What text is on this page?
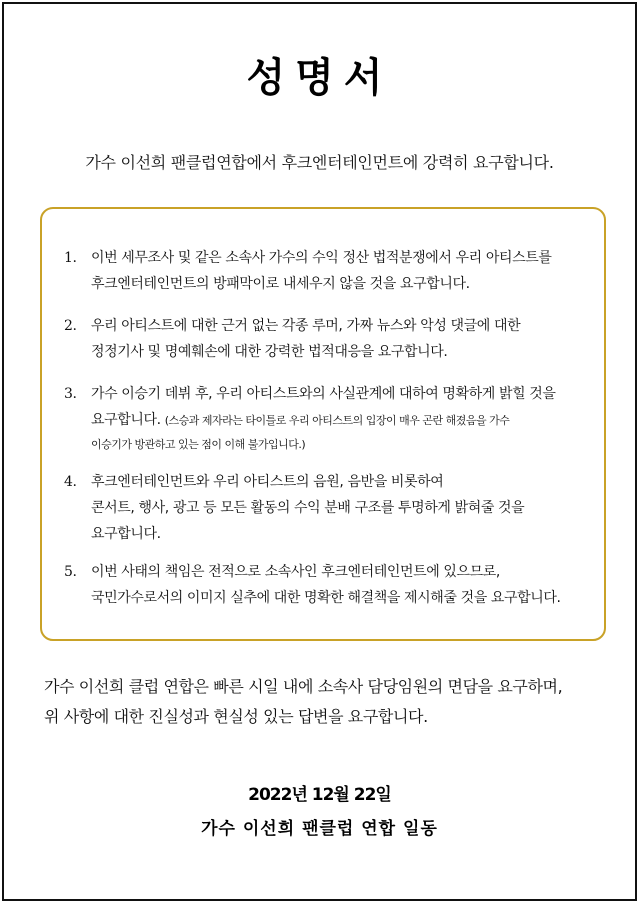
성명서
가수 이선희 팬클럽연합에서 후크엔터테인먼트에 강력히 요구합니다.
1.	이번 세무조사 및 같은 소속사 가수의 수익 정산 법적분쟁에서 우리 아티스트를
후크엔터테인먼트의 방패막이로 내세우지 않을 것을 요구합니다.
2.	우리 아티스트에 대한 근거 없는 각종 루머, 가짜 뉴스와 악성 댓글에 대한
정정기사 및 명예훼손에 대한 강력한 법적대응을 요구합니다.
3.	가수 이승기 데뷔 후, 우리 아티스트와의 사실관계에 대하여 명확하게 밝힐 것을
요구합니다. (스승과 제자라는 타이틀로 우리 아티스트의 입장이 매우 곤란 해졌음을 가수
이승기가 방관하고 있는 점이 이해 불가입니다.)
4.	후크엔터테인먼트와 우리 아티스트의 음원, 음반을 비롯하여
콘서트, 행사, 광고 등 모든 활동의 수익 분배 구조를 투명하게 밝혀줄 것을
요구합니다.
5.	이번 사태의 책임은 전적으로 소속사인 후크엔터테인먼트에 있으므로,
국민가수로서의 이미지 실추에 대한 명확한 해결책을 제시해줄 것을 요구합니다.
가수 이선희 클럽 연합은 빠른 시일 내에 소속사 담당임원의 면담을 요구하며,
위 사항에 대한 진실성과 현실성 있는 답변을 요구합니다.
2022년 12월 22일
가수 이선희 팬클럽 연합 일동
